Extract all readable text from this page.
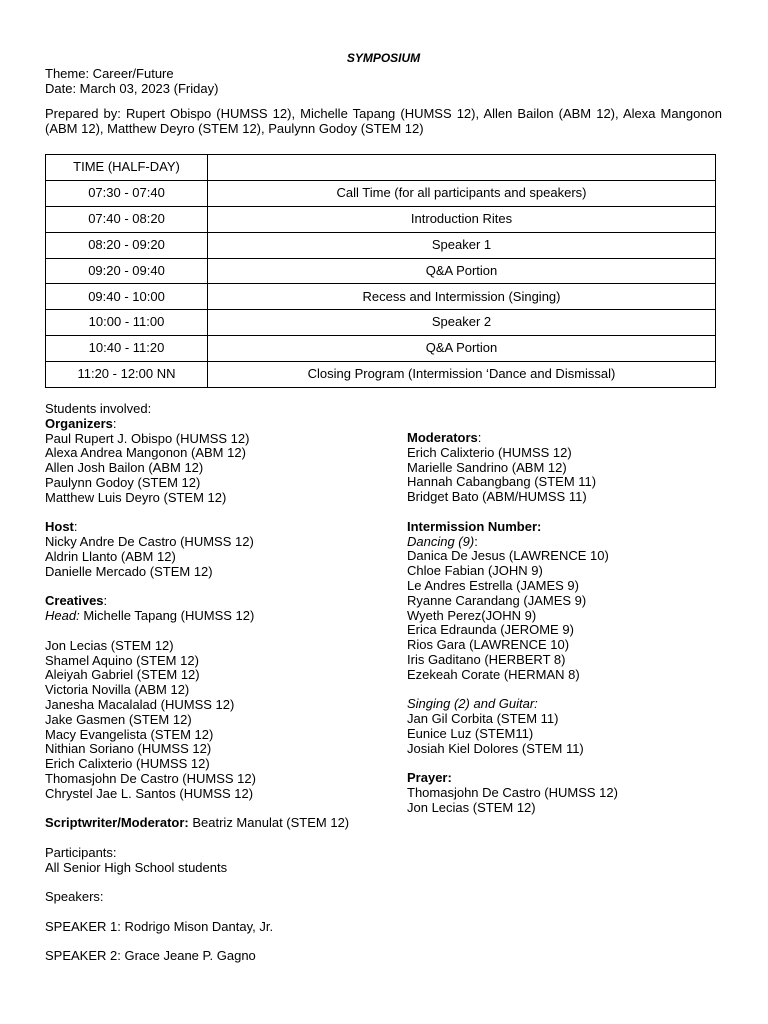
SYMPOSIUM
Theme: Career/Future
Date: March 03, 2023 (Friday)
Prepared by: Rupert Obispo (HUMSS 12), Michelle Tapang (HUMSS 12), Allen Bailon (ABM 12), Alexa Mangonon (ABM 12), Matthew Deyro (STEM 12), Paulynn Godoy (STEM 12)
TIME (HALF-DAY)	
07:30 - 07:40	Call Time (for all participants and speakers)
07:40 - 08:20	Introduction Rites
08:20 - 09:20	Speaker 1
09:20 - 09:40	Q&A Portion
09:40 - 10:00	Recess and Intermission (Singing)
10:00 - 11:00	Speaker 2
10:40 - 11:20	Q&A Portion
11:20 - 12:00 NN	Closing Program (Intermission ‘Dance and Dismissal)
Students involved:
Organizers:
Paul Rupert J. Obispo (HUMSS 12)
Alexa Andrea Mangonon (ABM 12)
Allen Josh Bailon (ABM 12)
Paulynn Godoy (STEM 12)
Matthew Luis Deyro (STEM 12)
Host:
Nicky Andre De Castro (HUMSS 12)
Aldrin Llanto (ABM 12)
Danielle Mercado (STEM 12)
Creatives:
Head: Michelle Tapang (HUMSS 12)
Jon Lecias (STEM 12)
Shamel Aquino (STEM 12)
Aleiyah Gabriel (STEM 12)
Victoria Novilla (ABM 12)
Janesha Macalalad (HUMSS 12)
Jake Gasmen (STEM 12)
Macy Evangelista (STEM 12)
Nithian Soriano (HUMSS 12)
Erich Calixterio (HUMSS 12)
Thomasjohn De Castro (HUMSS 12)
Chrystel Jae L. Santos (HUMSS 12)
Scriptwriter/Moderator: Beatriz Manulat (STEM 12)
Participants:
All Senior High School students
Speakers:
SPEAKER 1: Rodrigo Mison Dantay, Jr.
SPEAKER 2: Grace Jeane P. Gagno
Moderators:
Erich Calixterio (HUMSS 12)
Marielle Sandrino (ABM 12)
Hannah Cabangbang (STEM 11)
Bridget Bato (ABM/HUMSS 11)
Intermission Number:
Dancing (9):
Danica De Jesus (LAWRENCE 10)
Chloe Fabian (JOHN 9)
Le Andres Estrella (JAMES 9)
Ryanne Carandang (JAMES 9)
Wyeth Perez(JOHN 9)
Erica Edraunda (JEROME 9)
Rios Gara (LAWRENCE 10)
Iris Gaditano (HERBERT 8)
Ezekeah Corate (HERMAN 8)
Singing (2) and Guitar:
Jan Gil Corbita (STEM 11)
Eunice Luz (STEM11)
Josiah Kiel Dolores (STEM 11)
Prayer:
Thomasjohn De Castro (HUMSS 12)
Jon Lecias (STEM 12)
